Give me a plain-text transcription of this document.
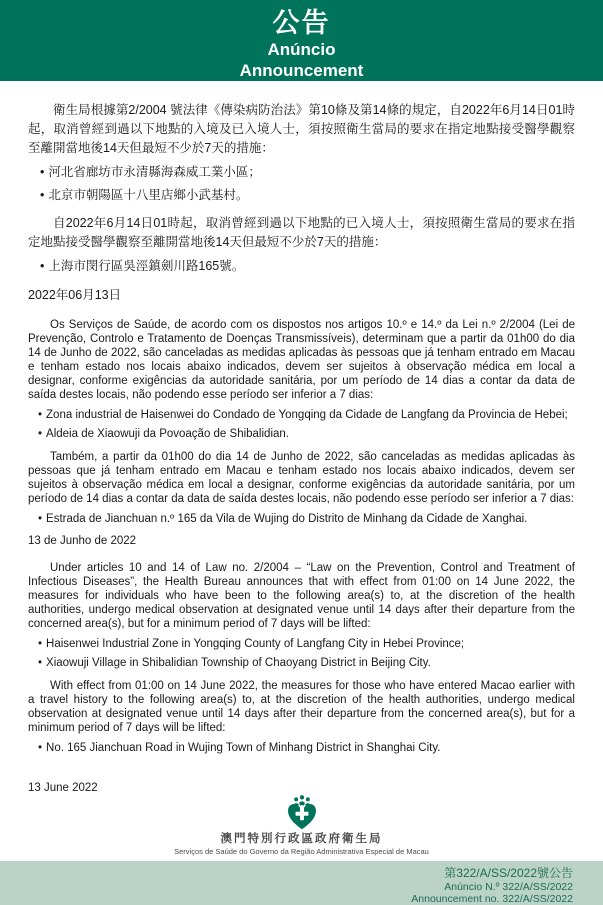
公告
Anúncio
Announcement

衛生局根據第2/2004 號法律《傳染病防治法》第10條及第14條的規定，自2022年6月14日01時起，取消曾經到過以下地點的入境及已入境人士，須按照衛生當局的要求在指定地點接受醫學觀察至離開當地後14天但最短不少於7天的措施：

• 河北省廊坊市永清縣海森威工業小區；

• 北京市朝陽區十八里店鄉小武基村。

自2022年6月14日01時起，取消曾經到過以下地點的已入境人士，須按照衛生當局的要求在指定地點接受醫學觀察至離開當地後14天但最短不少於7天的措施：

• 上海市閔行區吳涇鎮劍川路165號。

2022年06月13日

Os Serviços de Saúde, de acordo com os dispostos nos artigos 10.º e 14.º da Lei n.º 2/2004 (Lei de Prevenção, Controlo e Tratamento de Doenças Transmissíveis), determinam que a partir da 01h00 do dia 14 de Junho de 2022, são canceladas as medidas aplicadas às pessoas que já tenham entrado em Macau e tenham estado nos locais abaixo indicados, devem ser sujeitos à observação médica em local a designar, conforme exigências da autoridade sanitária, por um período de 14 dias a contar da data de saída destes locais, não podendo esse período ser inferior a 7 dias:

• Zona industrial de Haisenwei do Condado de Yongqing da Cidade de Langfang da Provincia de Hebei;

• Aldeia de Xiaowuji da Povoação de Shibalidian.

Também, a partir da 01h00 do dia 14 de Junho de 2022, são canceladas as medidas aplicadas às pessoas que já tenham entrado em Macau e tenham estado nos locais abaixo indicados, devem ser sujeitos à observação médica em local a designar, conforme exigências da autoridade sanitária, por um período de 14 dias a contar da data de saída destes locais, não podendo esse período ser inferior a 7 dias:

• Estrada de Jianchuan n.º 165 da Vila de Wujing do Distrito de Minhang da Cidade de Xanghai.

13 de Junho de 2022

Under articles 10 and 14 of Law no. 2/2004 – “Law on the Prevention, Control and Treatment of Infectious Diseases”, the Health Bureau announces that with effect from 01:00 on 14 June 2022, the measures for individuals who have been to the following area(s) to, at the discretion of the health authorities, undergo medical observation at designated venue until 14 days after their departure from the concerned area(s), but for a minimum period of 7 days will be lifted:

• Haisenwei Industrial Zone in Yongqing County of Langfang City in Hebei Province;

• Xiaowuji Village in Shibalidian Township of Chaoyang District in Beijing City.

With effect from 01:00 on 14 June 2022, the measures for those who have entered Macao earlier with a travel history to the following area(s) to, at the discretion of the health authorities, undergo medical observation at designated venue until 14 days after their departure from the concerned area(s), but for a minimum period of 7 days will be lifted:

• No. 165 Jianchuan Road in Wujing Town of Minhang District in Shanghai City.

13 June 2022

澳門特別行政區政府衛生局
Serviços de Saúde do Governo da Região Administrativa Especial de Macau
第322/A/SS/2022號公告
Anúncio N.º 322/A/SS/2022
Announcement no. 322/A/SS/2022
